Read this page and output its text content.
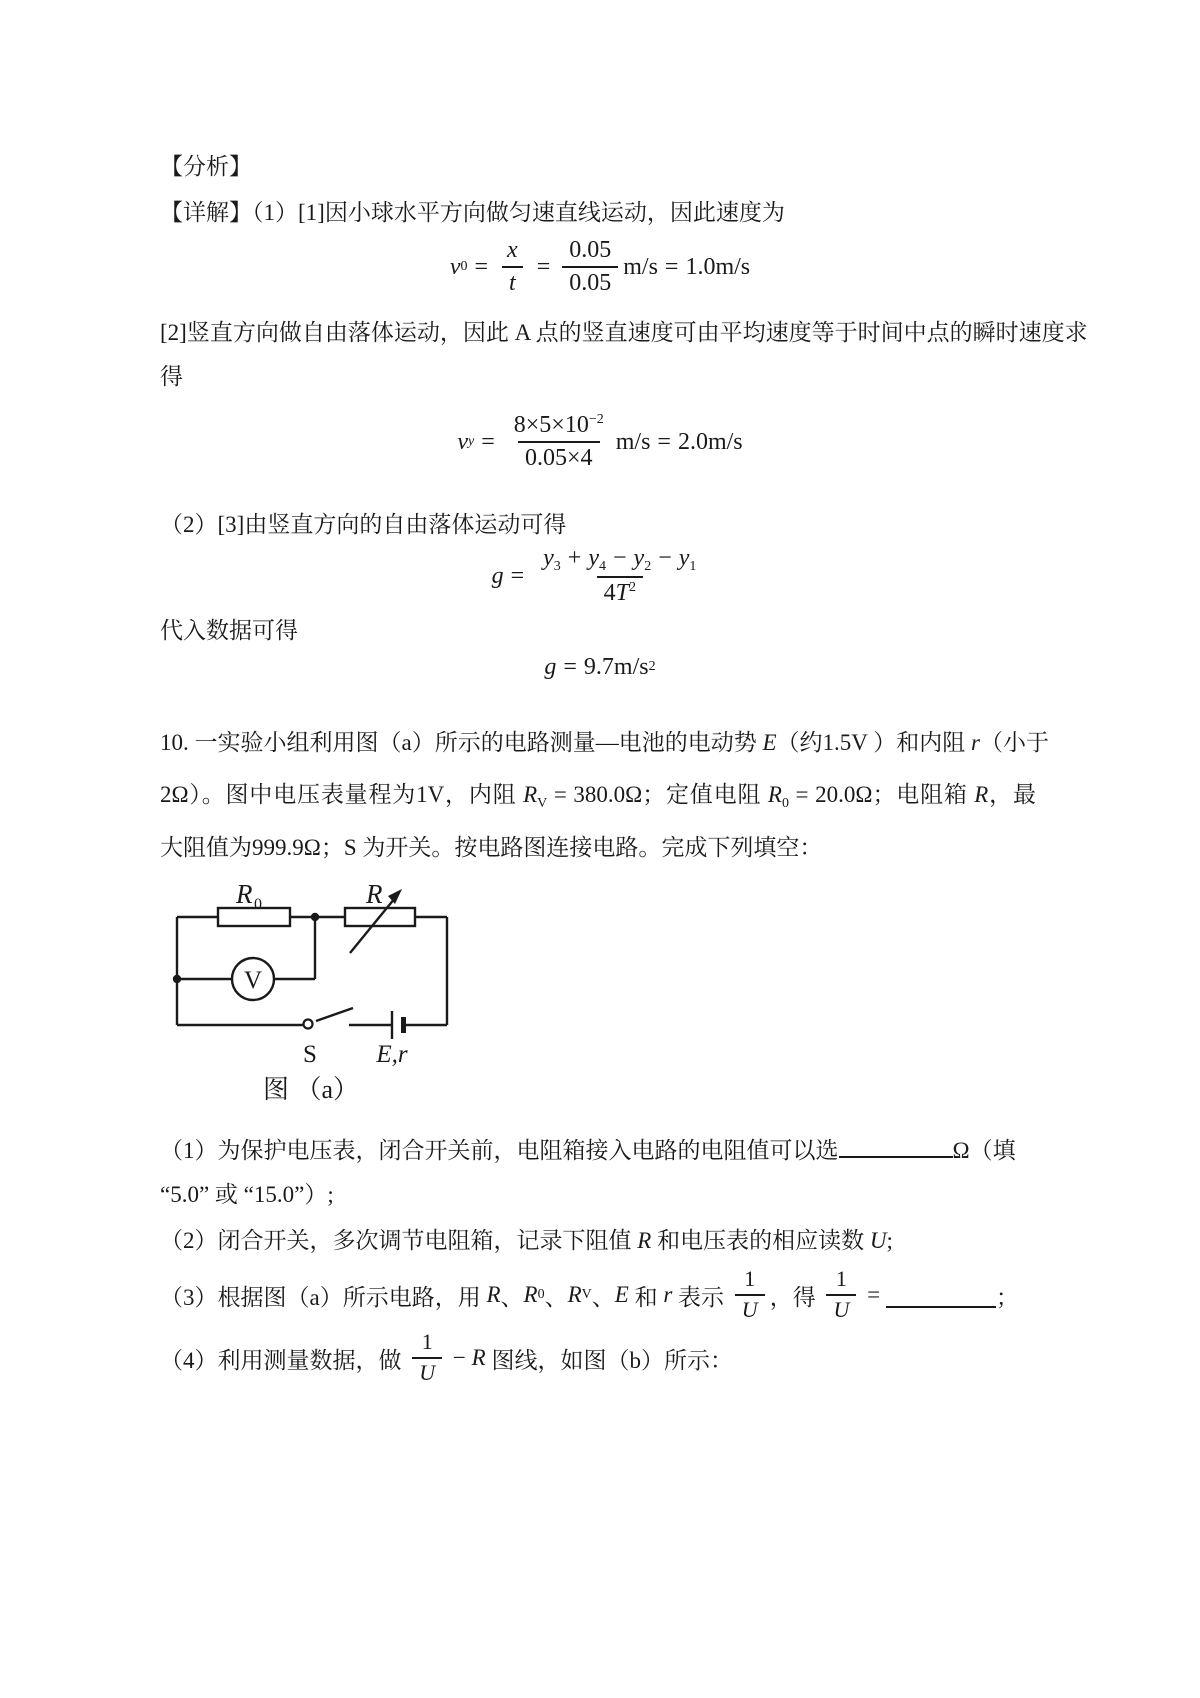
【分析】
【详解】（1）[1]因小球水平方向做匀速直线运动，因此速度为
v $0 = \frac{x}{t} = \frac{0.05}{0.05} m/s = 1.0m/s$
[2]竖直方向做自由落体运动，因此 A 点的竖直速度可由平均速度等于时间中点的瞬时速度求
得
v $y = \frac{8\times 5\times 10^{-2}}{0.05\times 4} m/s = 2.0m/s$
（2）[3]由竖直方向的自由落体运动可得
$g = \frac{y_3 + y_4 - y_2 - y_1}{4T^2}$
代入数据可得
g = 9.7m/s 2
10. 一实验小组利用图（a）所示的电路测量—电池的电动势 E（约1.5V ）和内阻 r（小于
2Ω）。图中电压表量程为1V，内阻 $R_V = 380.0\Omega$；定值电阻 $R_0 = 20.0\Omega$；电阻箱 R，最
大阻值为999.9Ω；S 为开关。按电路图连接电路。完成下列填空：
R 0	R
V
S E,r
图 （a）
（1）为保护电压表，闭合开关前，电阻箱接入电路的电阻值可以选	Ω（填
“5.0” 或 “15.0”）;
（2）闭合开关，多次调节电阻箱，记录下阻值 R 和电压表的相应读数 U;
（3）根据图（a）所示电路，用 R 、 R 0 、 R V 、 E 和 r 表示 $\frac{1}{U}$ ，得 $\frac{1}{U}$ =	；
（4）利用测量数据，做 $\frac{1}{U} - R$ 图线，如图（b）所示：
